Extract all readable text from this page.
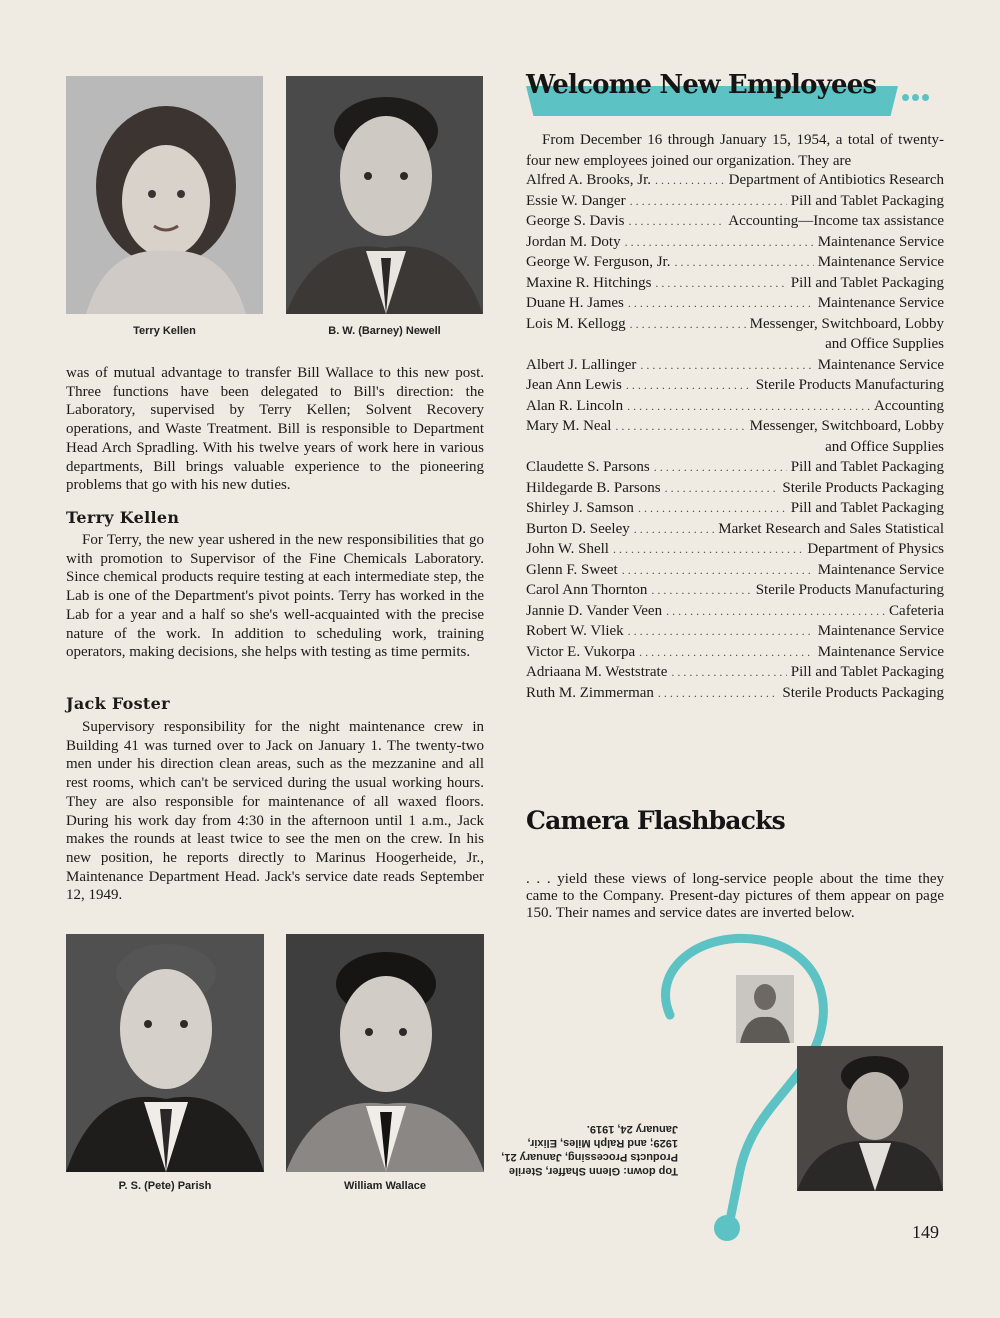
Terry Kellen	B. W. (Barney) Newell

was of mutual advantage to transfer Bill Wallace to this new post. Three functions have been delegated to Bill's direction: the Laboratory, supervised by Terry Kellen; Solvent Recovery operations, and Waste Treatment. Bill is responsible to Department Head Arch Spradling. With his twelve years of work here in various departments, Bill brings valuable experience to the pioneering problems that go with his new duties.

Terry Kellen

For Terry, the new year ushered in the new responsibilities that go with promotion to Supervisor of the Fine Chemicals Laboratory. Since chemical products require testing at each intermediate step, the Lab is one of the Department's pivot points. Terry has worked in the Lab for a year and a half so she's well-acquainted with the precise nature of the work. In addition to scheduling work, training operators, making decisions, she helps with testing as time permits.

Jack Foster

Supervisory responsibility for the night maintenance crew in Building 41 was turned over to Jack on January 1. The twenty-two men under his direction clean areas, such as the mezzanine and all rest rooms, which can't be serviced during the usual working hours. They are also responsible for maintenance of all waxed floors. During his work day from 4:30 in the afternoon until 1 a.m., Jack makes the rounds at least twice to see the men on the crew. In his new position, he reports directly to Marinus Hoogerheide, Jr., Maintenance Department Head. Jack's service date reads September 12, 1949.

P. S. (Pete) Parish	William Wallace
Welcome New Employees

From December 16 through January 15, 1954, a total of twenty-four new employees joined our organization. They are

Alfred A. Brooks, Jr. .....	Department of Antibiotics Research
Essie W. Danger .....	Pill and Tablet Packaging
George S. Davis .....	Accounting—Income tax assistance
Jordan M. Doty .....	Maintenance Service
George W. Ferguson, Jr. .....	Maintenance Service
Maxine R. Hitchings .....	Pill and Tablet Packaging
Duane H. James .....	Maintenance Service
Lois M. Kellogg .....	Messenger, Switchboard, Lobby
and Office Supplies
Albert J. Lallinger .....	Maintenance Service
Jean Ann Lewis .....	Sterile Products Manufacturing
Alan R. Lincoln .....	Accounting
Mary M. Neal .....	Messenger, Switchboard, Lobby
and Office Supplies
Claudette S. Parsons .....	Pill and Tablet Packaging
Hildegarde B. Parsons .....	Sterile Products Packaging
Shirley J. Samson .....	Pill and Tablet Packaging
Burton D. Seeley .....	Market Research and Sales Statistical
John W. Shell .....	Department of Physics
Glenn F. Sweet .....	Maintenance Service
Carol Ann Thornton .....	Sterile Products Manufacturing
Jannie D. Vander Veen .....	Cafeteria
Robert W. Vliek .....	Maintenance Service
Victor E. Vukorpa .....	Maintenance Service
Adriaana M. Weststrate .....	Pill and Tablet Packaging
Ruth M. Zimmerman .....	Sterile Products Packaging
Camera Flashbacks

. . . yield these views of long-service people about the time they came to the Company. Present-day pictures of them appear on page 150. Their names and service dates are inverted below.

Top down: Glenn Shaffer, Sterile Products Processing, January 21, 1929; and Ralph Miles, Elixir, January 24, 1919.
149
